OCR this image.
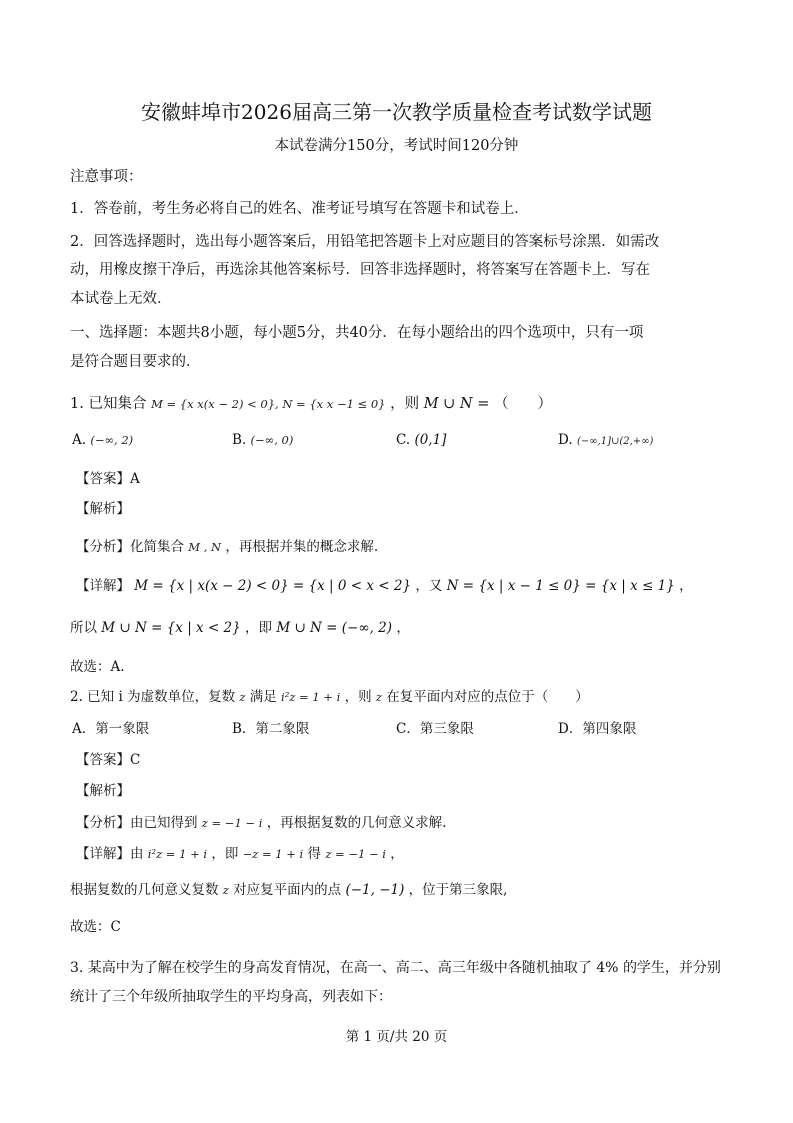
安徽蚌埠市2026届高三第一次教学质量检查考试数学试题
本试卷满分150分，考试时间120分钟
注意事项：
1．答卷前，考生务必将自己的姓名、准考证号填写在答题卡和试卷上．
2．回答选择题时，选出每小题答案后，用铅笔把答题卡上对应题目的答案标号涂黑．如需改
动，用橡皮擦干净后，再选涂其他答案标号．回答非选择题时，将答案写在答题卡上．写在
本试卷上无效．
一、选择题：本题共8小题，每小题5分，共40分．在每小题给出的四个选项中，只有一项
是符合题目要求的．
1. 已知集合 M = {x x(x − 2) < 0}, N = {x x −1 ≤ 0} ，则 M ∪ N = （　　）
A. (−∞, 2)	B. (−∞, 0)	C. (0,1]	D. (−∞,1]∪(2,+∞)
【答案】A
【解析】
【分析】化简集合 M , N ，再根据并集的概念求解.
【详解】 M = {x | x(x − 2) < 0} = {x | 0 < x < 2} ，又 N = {x | x − 1 ≤ 0} = {x | x ≤ 1} ，
所以 M ∪ N = {x | x < 2} ，即 M ∪ N = (−∞, 2) ，
故选：A.
2. 已知 i 为虚数单位，复数 z 满足 i²z = 1 + i ，则 z 在复平面内对应的点位于（　　）
A．第一象限	B．第二象限	C．第三象限	D．第四象限
【答案】C
【解析】
【分析】由已知得到 z = −1 − i ，再根据复数的几何意义求解.
【详解】由 i²z = 1 + i ，即 −z = 1 + i 得 z = −1 − i ，
根据复数的几何意义复数 z 对应复平面内的点 (−1, −1) ，位于第三象限,
故选：C
3. 某高中为了解在校学生的身高发育情况，在高一、高二、高三年级中各随机抽取了 4% 的学生，并分别
统计了三个年级所抽取学生的平均身高，列表如下：
第 1 页/共 20 页
